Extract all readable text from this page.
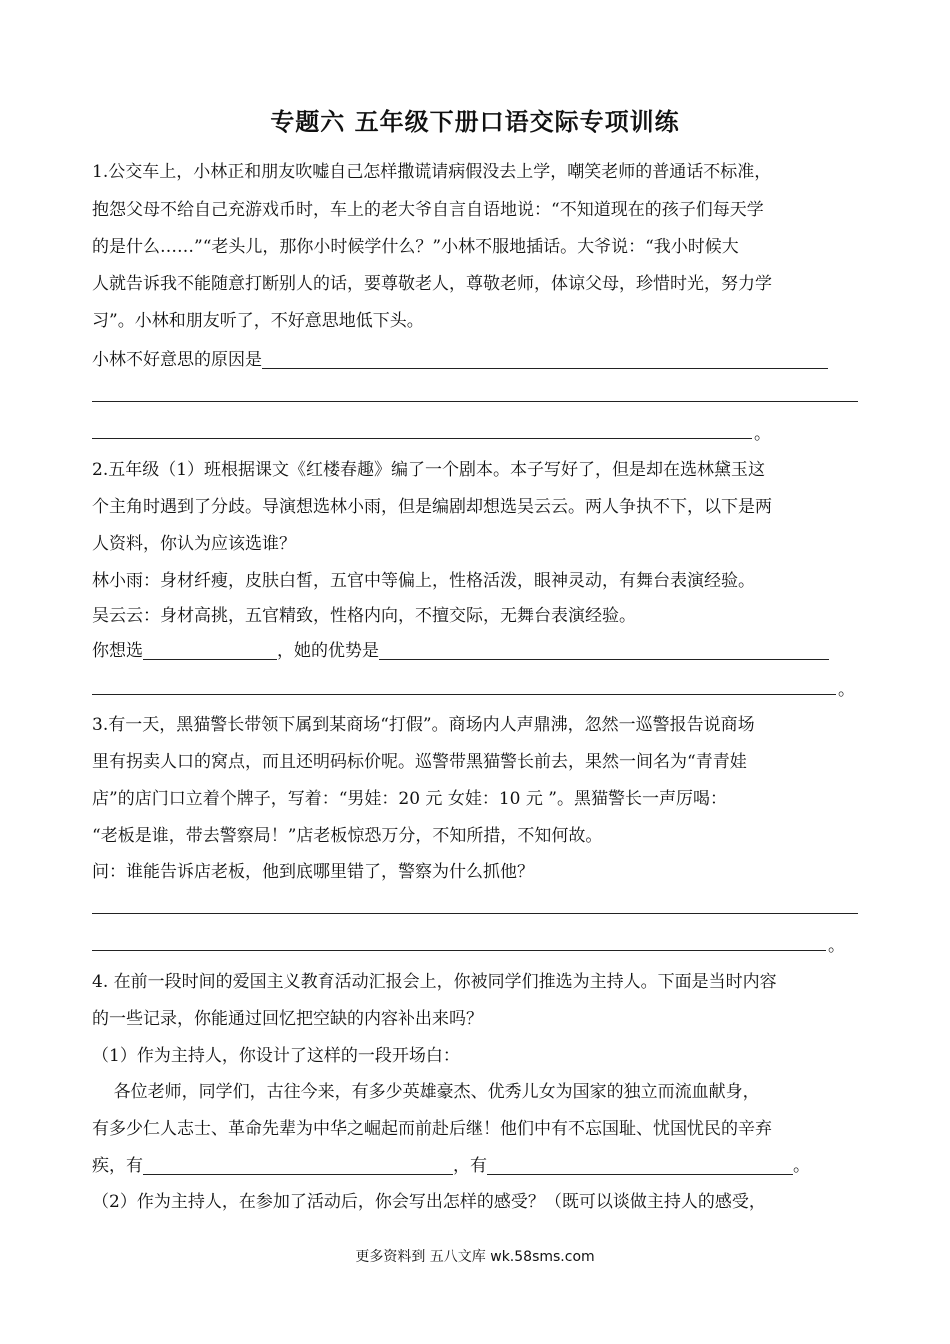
专题六 五年级下册口语交际专项训练
1.公交车上，小林正和朋友吹嘘自己怎样撒谎请病假没去上学，嘲笑老师的普通话不标准，
抱怨父母不给自己充游戏币时，车上的老大爷自言自语地说：“不知道现在的孩子们每天学
的是什么……”“老头儿，那你小时候学什么？”小林不服地插话。大爷说：“我小时候大
人就告诉我不能随意打断别人的话，要尊敬老人，尊敬老师，体谅父母，珍惜时光，努力学
习”。小林和朋友听了，不好意思地低下头。
小林不好意思的原因是
。
2.五年级（1）班根据课文《红楼春趣》编了一个剧本。本子写好了，但是却在选林黛玉这
个主角时遇到了分歧。导演想选林小雨，但是编剧却想选吴云云。两人争执不下，以下是两
人资料，你认为应该选谁？
林小雨：身材纤瘦，皮肤白皙，五官中等偏上，性格活泼，眼神灵动，有舞台表演经验。
吴云云：身材高挑，五官精致，性格内向，不擅交际，无舞台表演经验。
你想选	，她的优势是
。
3.有一天，黑猫警长带领下属到某商场“打假”。商场内人声鼎沸，忽然一巡警报告说商场
里有拐卖人口的窝点，而且还明码标价呢。巡警带黑猫警长前去，果然一间名为“青青娃
店”的店门口立着个牌子，写着：“男娃：20 元 女娃：10 元 ”。黑猫警长一声厉喝：
“老板是谁，带去警察局！”店老板惊恐万分，不知所措，不知何故。
问：谁能告诉店老板，他到底哪里错了，警察为什么抓他？
。
4. 在前一段时间的爱国主义教育活动汇报会上，你被同学们推选为主持人。下面是当时内容
的一些记录，你能通过回忆把空缺的内容补出来吗？
（1）作为主持人，你设计了这样的一段开场白：
各位老师，同学们，古往今来，有多少英雄豪杰、优秀儿女为国家的独立而流血献身，
有多少仁人志士、革命先辈为中华之崛起而前赴后继！他们中有不忘国耻、忧国忧民的辛弃
疾，有	，有	。
（2）作为主持人，在参加了活动后，你会写出怎样的感受？（既可以谈做主持人的感受，
更多资料到 五八文库 wk.58sms.com
